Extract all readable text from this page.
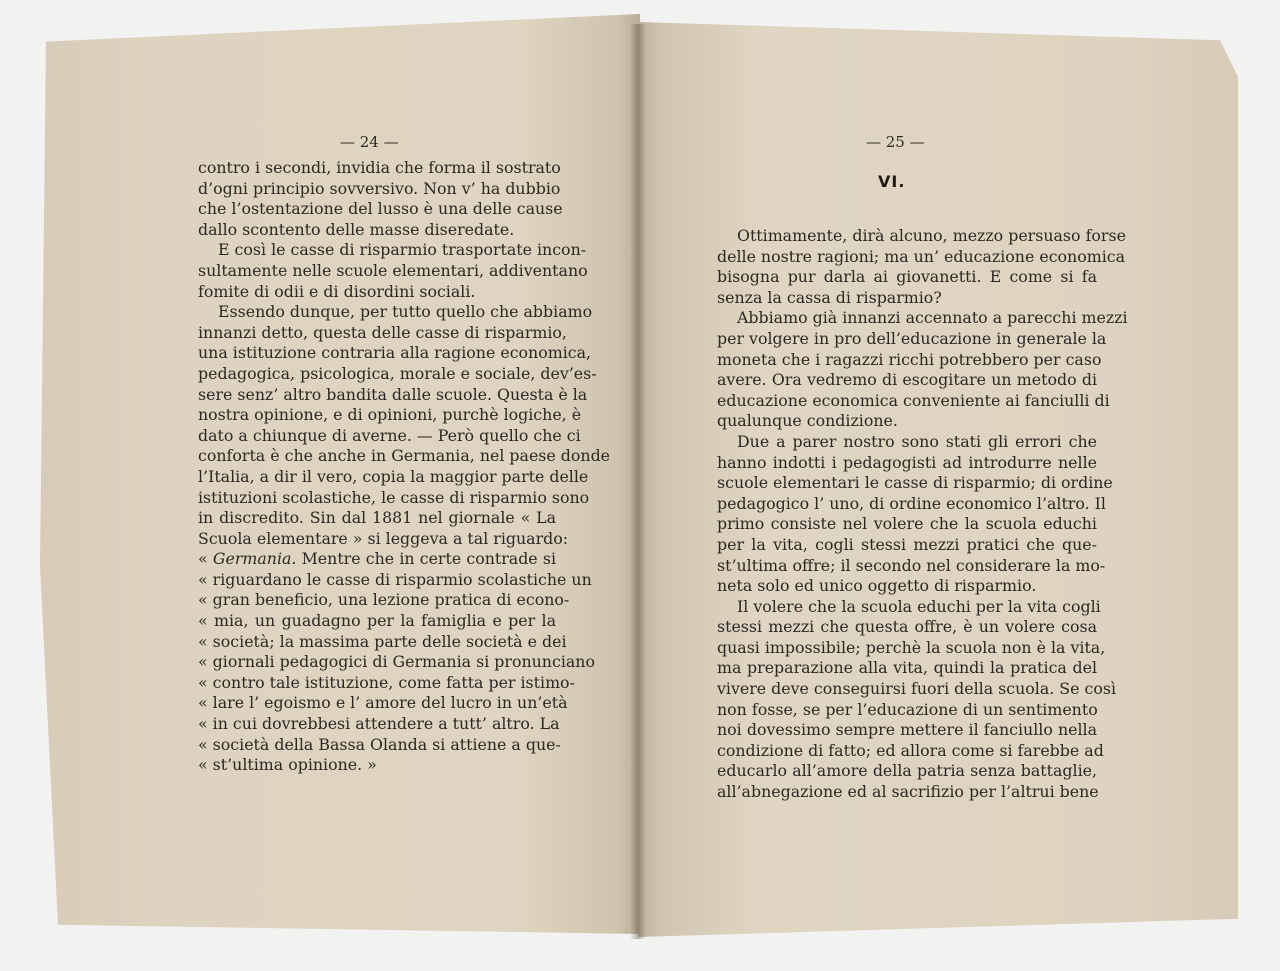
— 24 —
contro i secondi, invidia che forma il sostrato
d’ogni principio sovversivo. Non v’ ha dubbio
che l’ostentazione del lusso è una delle cause
dallo scontento delle masse diseredate.
E così le casse di risparmio trasportate incon-
sultamente nelle scuole elementari, addiventano
fomite di odii e di disordini sociali.
Essendo dunque, per tutto quello che abbiamo
innanzi detto, questa delle casse di risparmio,
una istituzione contraria alla ragione economica,
pedagogica, psicologica, morale e sociale, dev’es-
sere senz’ altro bandita dalle scuole. Questa è la
nostra opinione, e di opinioni, purchè logiche, è
dato a chiunque di averne. — Però quello che ci
conforta è che anche in Germania, nel paese donde
l’Italia, a dir il vero, copia la maggior parte delle
istituzioni scolastiche, le casse di risparmio sono
in discredito. Sin dal 1881 nel giornale « La
Scuola elementare » si leggeva a tal riguardo:
« Germania. Mentre che in certe contrade si
« riguardano le casse di risparmio scolastiche un
« gran beneficio, una lezione pratica di econo-
« mia, un guadagno per la famiglia e per la
« società; la massima parte delle società e dei
« giornali pedagogici di Germania si pronunciano
« contro tale istituzione, come fatta per istimo-
« lare l’ egoismo e l’ amore del lucro in un’età
« in cui dovrebbesi attendere a tutt’ altro. La
« società della Bassa Olanda si attiene a que-
« st’ultima opinione. »
— 25 —
VI.
Ottimamente, dirà alcuno, mezzo persuaso forse
delle nostre ragioni; ma un’ educazione economica
bisogna pur darla ai giovanetti. E come si fa
senza la cassa di risparmio?
Abbiamo già innanzi accennato a parecchi mezzi
per volgere in pro dell’educazione in generale la
moneta che i ragazzi ricchi potrebbero per caso
avere. Ora vedremo di escogitare un metodo di
educazione economica conveniente ai fanciulli di
qualunque condizione.
Due a parer nostro sono stati gli errori che
hanno indotti i pedagogisti ad introdurre nelle
scuole elementari le casse di risparmio; di ordine
pedagogico l’ uno, di ordine economico l’altro. Il
primo consiste nel volere che la scuola educhi
per la vita, cogli stessi mezzi pratici che que-
st’ultima offre; il secondo nel considerare la mo-
neta solo ed unico oggetto di risparmio.
Il volere che la scuola educhi per la vita cogli
stessi mezzi che questa offre, è un volere cosa
quasi impossibile; perchè la scuola non è la vita,
ma preparazione alla vita, quindi la pratica del
vivere deve conseguirsi fuori della scuola. Se così
non fosse, se per l’educazione di un sentimento
noi dovessimo sempre mettere il fanciullo nella
condizione di fatto; ed allora come si farebbe ad
educarlo all’amore della patria senza battaglie,
all’abnegazione ed al sacrifizio per l’altrui bene
